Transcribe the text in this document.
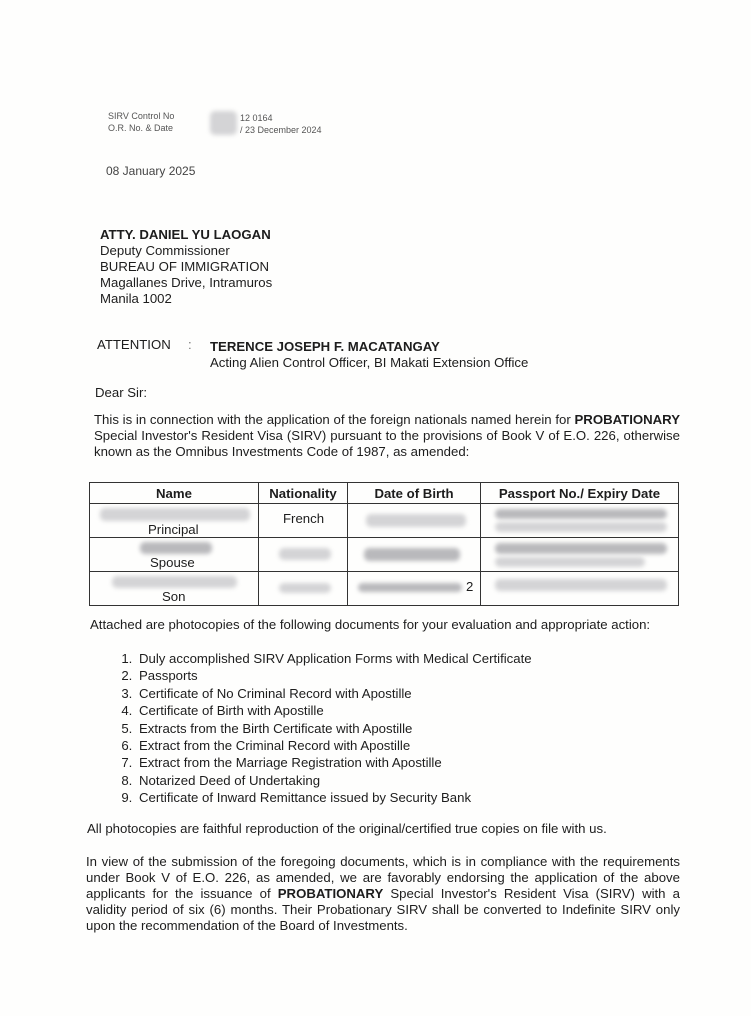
SIRV Control No
O.R. No. & Date
12 0164
/ 23 December 2024
08 January 2025
ATTY. DANIEL YU LAOGAN
Deputy Commissioner
BUREAU OF IMMIGRATION
Magallanes Drive, Intramuros
Manila 1002
ATTENTION : TERENCE JOSEPH F. MACATANGAY
Acting Alien Control Officer, BI Makati Extension Office
Dear Sir:

This is in connection with the application of the foreign nationals named herein for PROBATIONARY Special Investor's Resident Visa (SIRV) pursuant to the provisions of Book V of E.O. 226, otherwise known as the Omnibus Investments Code of 1987, as amended:

Name	Nationality	Date of Birth	Passport No./ Expiry Date

Principal	French		

Spouse			

Son		2	

Attached are photocopies of the following documents for your evaluation and appropriate action:
1. Duly accomplished SIRV Application Forms with Medical Certificate
2. Passports
3. Certificate of No Criminal Record with Apostille
4. Certificate of Birth with Apostille
5. Extracts from the Birth Certificate with Apostille
6. Extract from the Criminal Record with Apostille
7. Extract from the Marriage Registration with Apostille
8. Notarized Deed of Undertaking
9. Certificate of Inward Remittance issued by Security Bank
All photocopies are faithful reproduction of the original/certified true copies on file with us.

In view of the submission of the foregoing documents, which is in compliance with the requirements under Book V of E.O. 226, as amended, we are favorably endorsing the application of the above applicants for the issuance of PROBATIONARY Special Investor's Resident Visa (SIRV) with a validity period of six (6) months. Their Probationary SIRV shall be converted to Indefinite SIRV only upon the recommendation of the Board of Investments.
